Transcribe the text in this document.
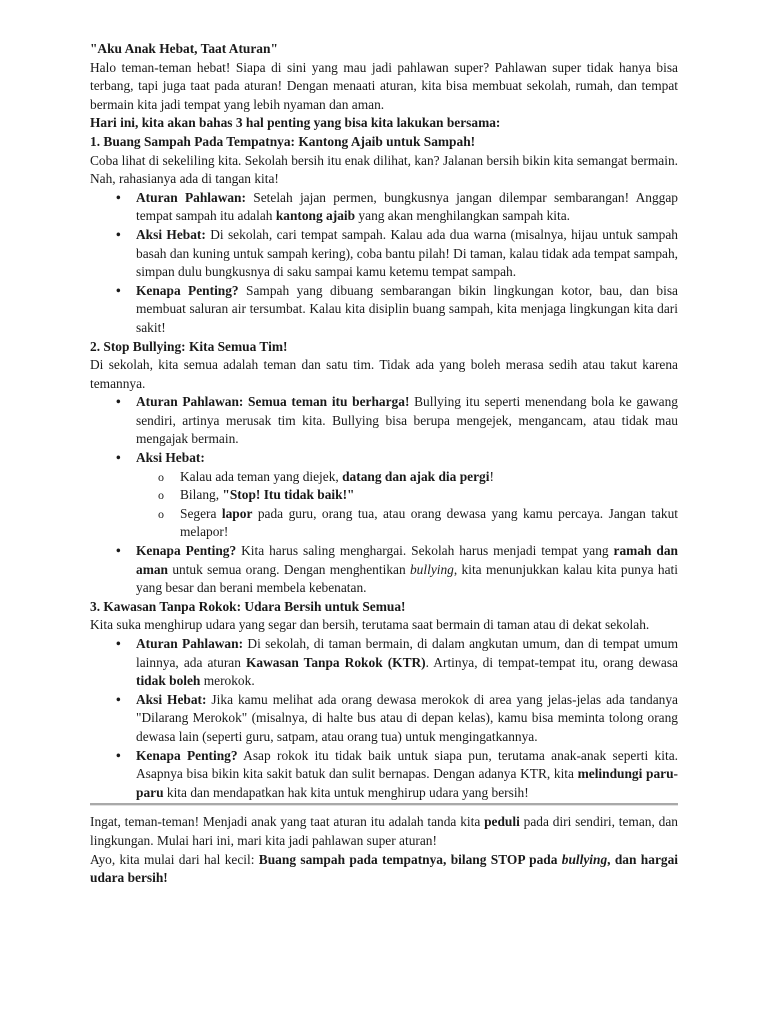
"Aku Anak Hebat, Taat Aturan"

Halo teman-teman hebat! Siapa di sini yang mau jadi pahlawan super? Pahlawan super tidak hanya bisa terbang, tapi juga taat pada aturan! Dengan menaati aturan, kita bisa membuat sekolah, rumah, dan tempat bermain kita jadi tempat yang lebih nyaman dan aman.

Hari ini, kita akan bahas 3 hal penting yang bisa kita lakukan bersama:

1. Buang Sampah Pada Tempatnya: Kantong Ajaib untuk Sampah!

Coba lihat di sekeliling kita. Sekolah bersih itu enak dilihat, kan? Jalanan bersih bikin kita semangat bermain. Nah, rahasianya ada di tangan kita!

• Aturan Pahlawan: Setelah jajan permen, bungkusnya jangan dilempar sembarangan! Anggap tempat sampah itu adalah kantong ajaib yang akan menghilangkan sampah kita.
• Aksi Hebat: Di sekolah, cari tempat sampah. Kalau ada dua warna (misalnya, hijau untuk sampah basah dan kuning untuk sampah kering), coba bantu pilah! Di taman, kalau tidak ada tempat sampah, simpan dulu bungkusnya di saku sampai kamu ketemu tempat sampah.
• Kenapa Penting? Sampah yang dibuang sembarangan bikin lingkungan kotor, bau, dan bisa membuat saluran air tersumbat. Kalau kita disiplin buang sampah, kita menjaga lingkungan kita dari sakit!

2. Stop Bullying: Kita Semua Tim!

Di sekolah, kita semua adalah teman dan satu tim. Tidak ada yang boleh merasa sedih atau takut karena temannya.

• Aturan Pahlawan: Semua teman itu berharga! Bullying itu seperti menendang bola ke gawang sendiri, artinya merusak tim kita. Bullying bisa berupa mengejek, mengancam, atau tidak mau mengajak bermain.
• Aksi Hebat:
o Kalau ada teman yang diejek, datang dan ajak dia pergi!
o Bilang, "Stop! Itu tidak baik!"
o Segera lapor pada guru, orang tua, atau orang dewasa yang kamu percaya. Jangan takut melapor!
• Kenapa Penting? Kita harus saling menghargai. Sekolah harus menjadi tempat yang ramah dan aman untuk semua orang. Dengan menghentikan bullying, kita menunjukkan kalau kita punya hati yang besar dan berani membela kebenatan.

3. Kawasan Tanpa Rokok: Udara Bersih untuk Semua!

Kita suka menghirup udara yang segar dan bersih, terutama saat bermain di taman atau di dekat sekolah.

• Aturan Pahlawan: Di sekolah, di taman bermain, di dalam angkutan umum, dan di tempat umum lainnya, ada aturan Kawasan Tanpa Rokok (KTR). Artinya, di tempat-tempat itu, orang dewasa tidak boleh merokok.
• Aksi Hebat: Jika kamu melihat ada orang dewasa merokok di area yang jelas-jelas ada tandanya "Dilarang Merokok" (misalnya, di halte bus atau di depan kelas), kamu bisa meminta tolong orang dewasa lain (seperti guru, satpam, atau orang tua) untuk mengingatkannya.
• Kenapa Penting? Asap rokok itu tidak baik untuk siapa pun, terutama anak-anak seperti kita. Asapnya bisa bikin kita sakit batuk dan sulit bernapas. Dengan adanya KTR, kita melindungi paru-paru kita dan mendapatkan hak kita untuk menghirup udara yang bersih!

Ingat, teman-teman! Menjadi anak yang taat aturan itu adalah tanda kita peduli pada diri sendiri, teman, dan lingkungan. Mulai hari ini, mari kita jadi pahlawan super aturan!

Ayo, kita mulai dari hal kecil: Buang sampah pada tempatnya, bilang STOP pada bullying, dan hargai udara bersih!
